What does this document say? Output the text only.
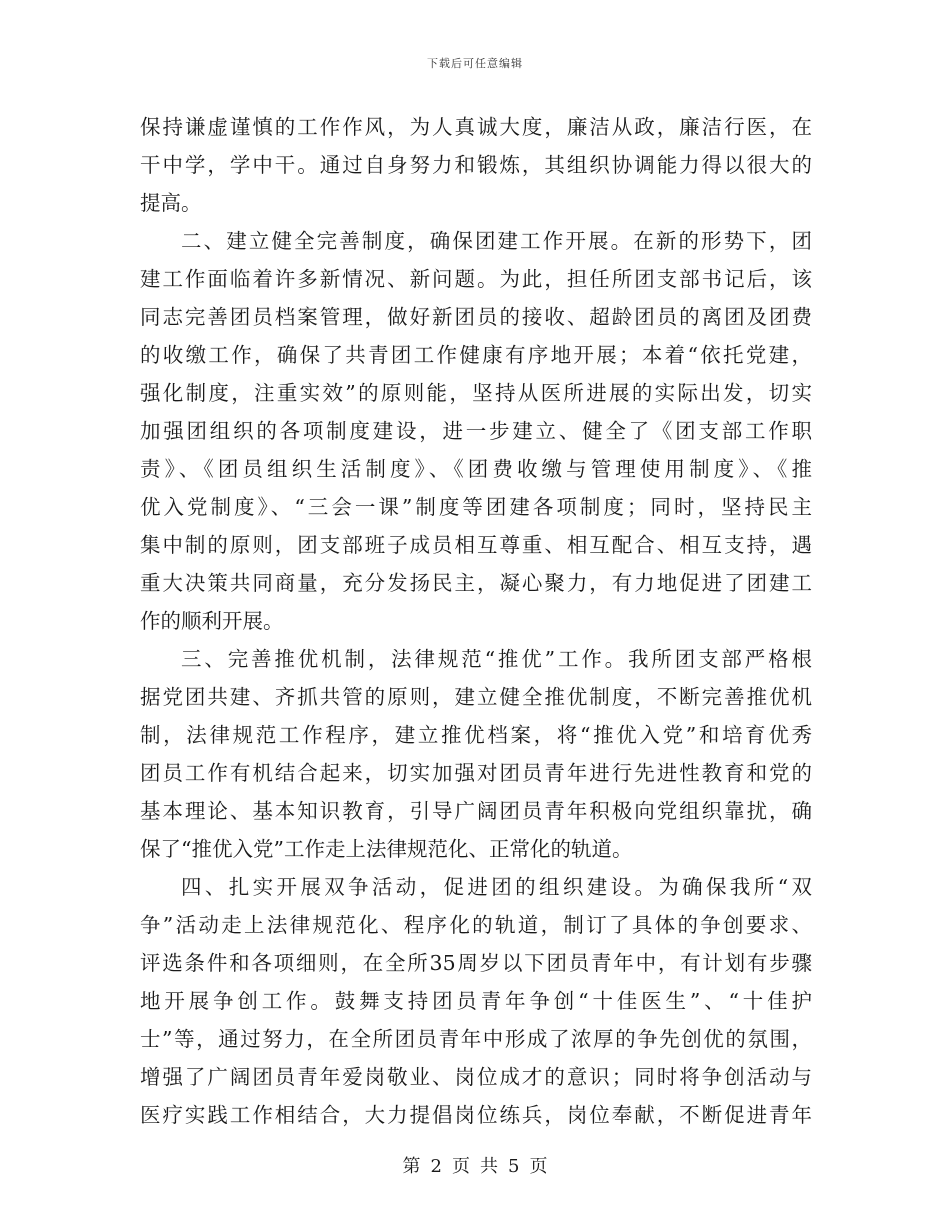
下载后可任意编辑
保持谦虚谨慎的工作作风，为人真诚大度，廉洁从政，廉洁行医，在
干中学，学中干。通过自身努力和锻炼，其组织协调能力得以很大的
提高。
二、建立健全完善制度，确保团建工作开展。在新的形势下，团
建工作面临着许多新情况、新问题。为此，担任所团支部书记后，该
同志完善团员档案管理，做好新团员的接收、超龄团员的离团及团费
的收缴工作，确保了共青团工作健康有序地开展；本着“依托党建，
强化制度，注重实效”的原则能，坚持从医所进展的实际出发，切实
加强团组织的各项制度建设，进一步建立、健全了《团支部工作职
责》、《团员组织生活制度》、《团费收缴与管理使用制度》、《推
优入党制度》、“三会一课”制度等团建各项制度；同时，坚持民主
集中制的原则，团支部班子成员相互尊重、相互配合、相互支持，遇
重大决策共同商量，充分发扬民主，凝心聚力，有力地促进了团建工
作的顺利开展。
三、完善推优机制，法律规范“推优”工作。我所团支部严格根
据党团共建、齐抓共管的原则，建立健全推优制度，不断完善推优机
制，法律规范工作程序，建立推优档案，将“推优入党”和培育优秀
团员工作有机结合起来，切实加强对团员青年进行先进性教育和党的
基本理论、基本知识教育，引导广阔团员青年积极向党组织靠扰，确
保了“推优入党”工作走上法律规范化、正常化的轨道。
四、扎实开展双争活动，促进团的组织建设。为确保我所“双
争”活动走上法律规范化、程序化的轨道，制订了具体的争创要求、
评选条件和各项细则，在全所35周岁以下团员青年中，有计划有步骤
地开展争创工作。鼓舞支持团员青年争创“十佳医生”、“十佳护
士”等，通过努力，在全所团员青年中形成了浓厚的争先创优的氛围，
增强了广阔团员青年爱岗敬业、岗位成才的意识；同时将争创活动与
医疗实践工作相结合，大力提倡岗位练兵，岗位奉献，不断促进青年
第 2 页 共 5 页
